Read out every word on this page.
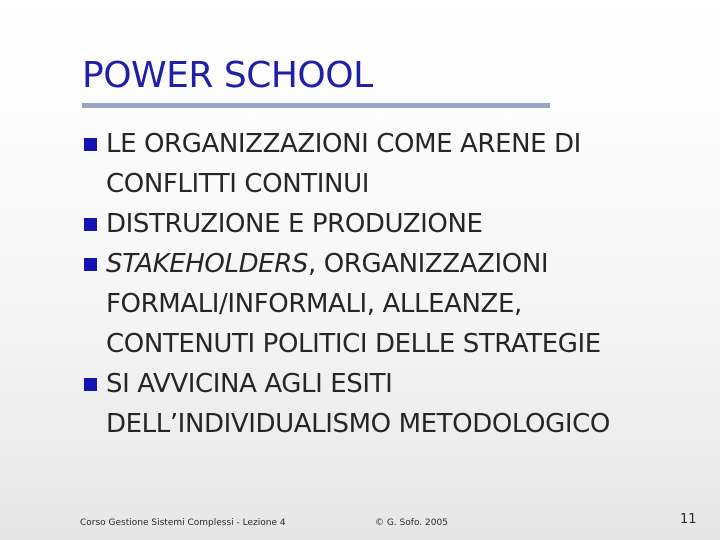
POWER SCHOOL
LE ORGANIZZAZIONI COME ARENE DI
CONFLITTI CONTINUI
DISTRUZIONE E PRODUZIONE
STAKEHOLDERS, ORGANIZZAZIONI
FORMALI/INFORMALI, ALLEANZE,
CONTENUTI POLITICI DELLE STRATEGIE
SI AVVICINA AGLI ESITI
DELL’INDIVIDUALISMO METODOLOGICO
Corso Gestione Sistemi Complessi - Lezione 4	© G. Sofo. 2005	11
